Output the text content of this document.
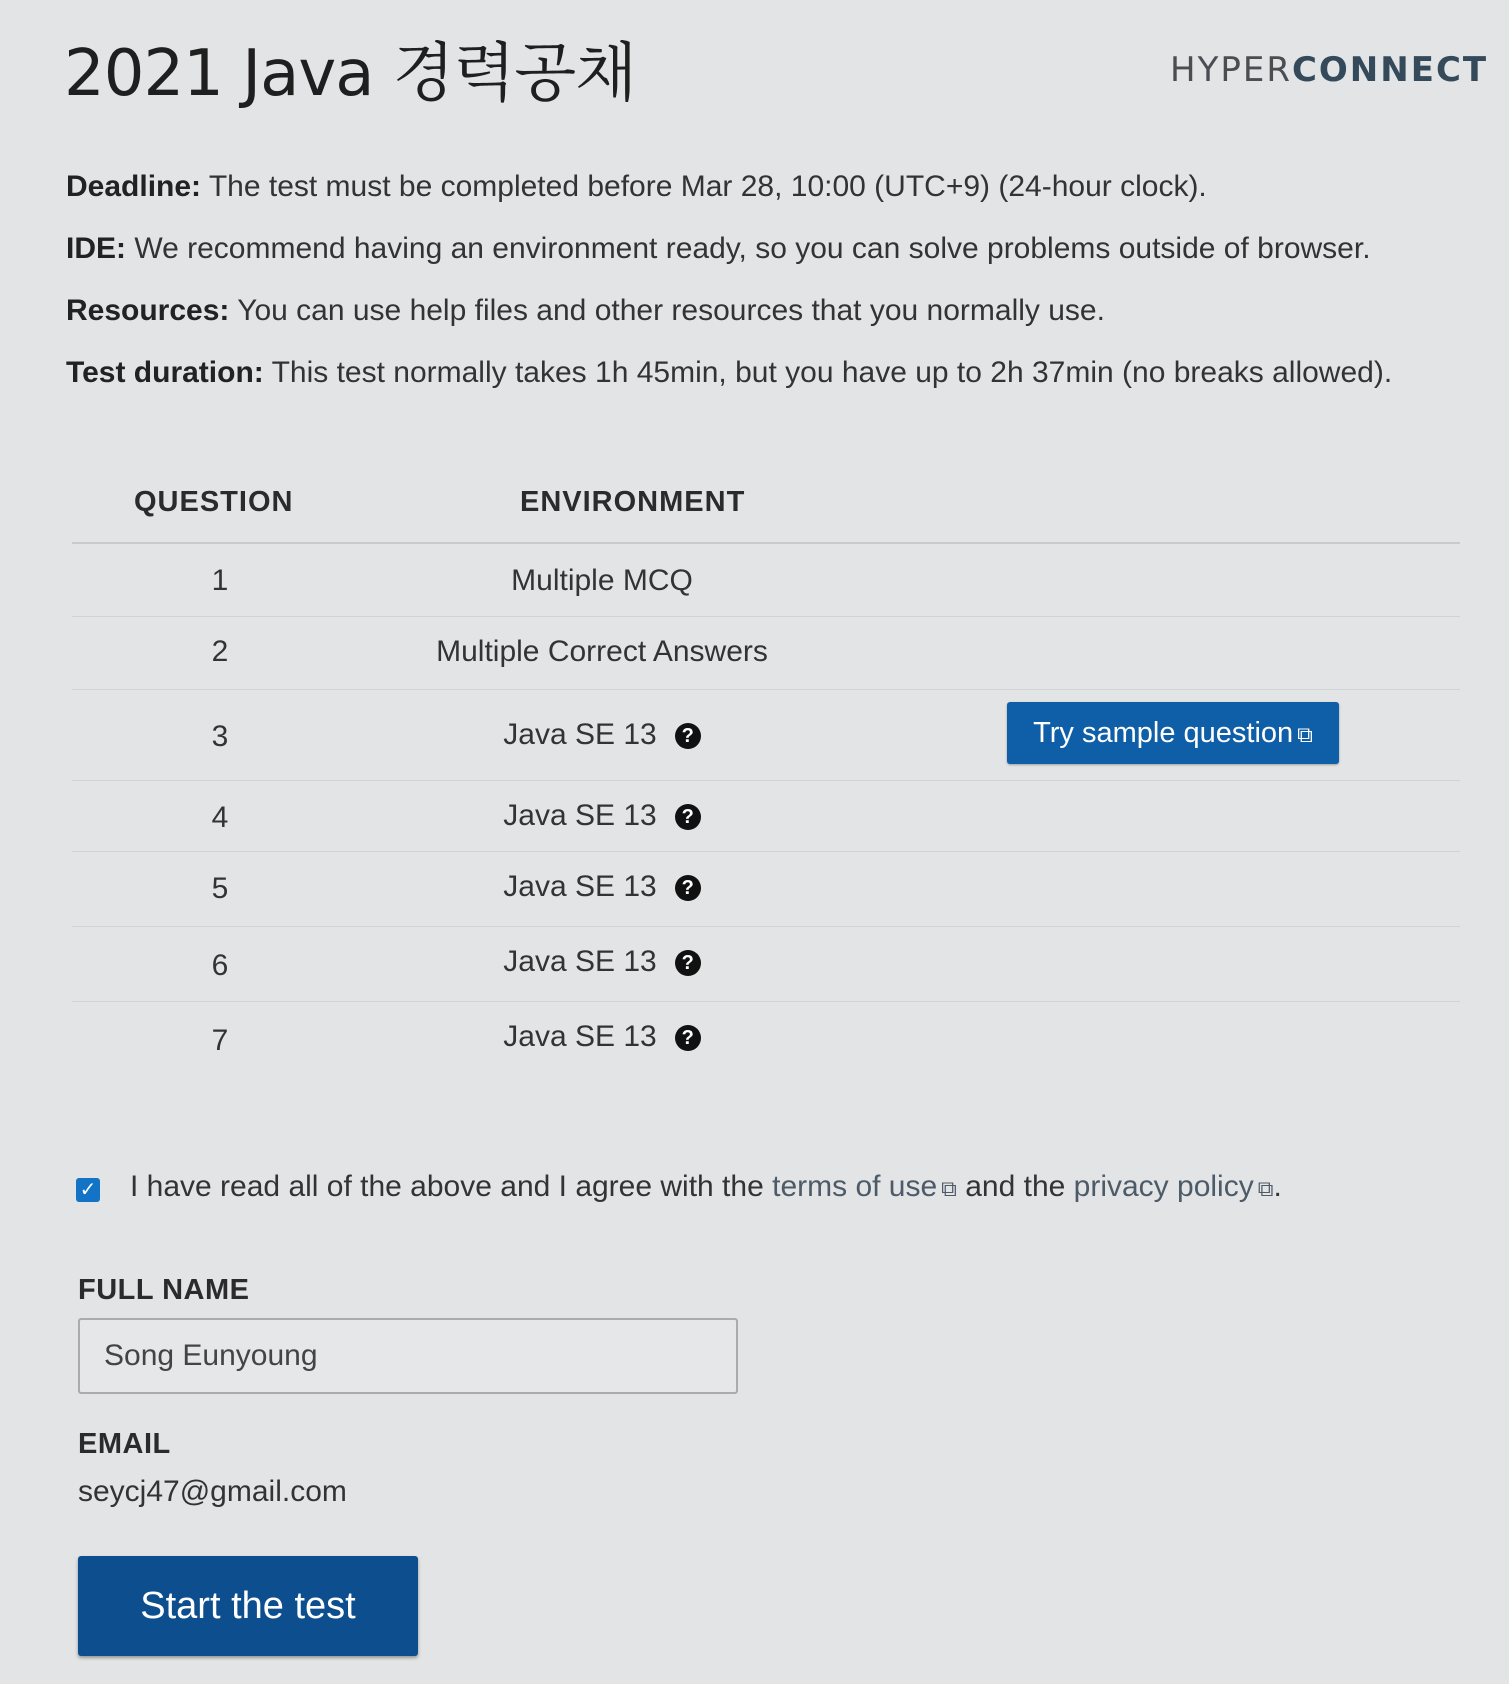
2021 Java 경력공채	HYPERCONNECT

Deadline: The test must be completed before Mar 28, 10:00 (UTC+9) (24-hour clock).

IDE: We recommend having an environment ready, so you can solve problems outside of browser.

Resources: You can use help files and other resources that you normally use.

Test duration: This test normally takes 1h 45min, but you have up to 2h 37min (no breaks allowed).

QUESTION	ENVIRONMENT
1	Multiple MCQ
2	Multiple Correct Answers
3	Java SE 13 ?	Try sample question ⧉
4	Java SE 13 ?
5	Java SE 13 ?
6	Java SE 13 ?
7	Java SE 13 ?
✓ I have read all of the above and I agree with the terms of use ⧉ and the privacy policy ⧉.
FULL NAME
Song Eunyoung
EMAIL
seycj47@gmail.com
Start the test
